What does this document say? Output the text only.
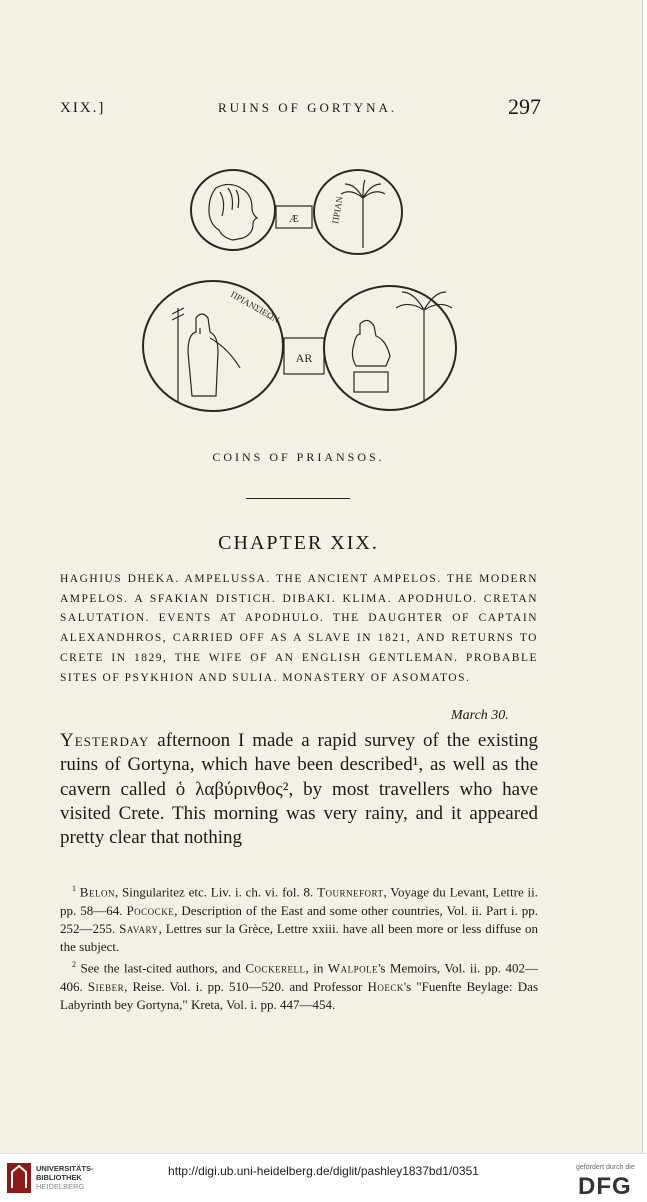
XIX.]	RUINS OF GORTYNA.	297
Æ
AR
ΠΡΙΑΝ
ΠΡΙΑΝΣΙΕΩΝ
COINS OF PRIANSOS.
CHAPTER XIX.
HAGHIUS DHEKA. AMPELUSSA. THE ANCIENT AMPELOS. THE MODERN AMPELOS. A SFAKIAN DISTICH. DIBAKI. KLIMA. APODHULO. CRETAN SALUTATION. EVENTS AT APODHULO. THE DAUGHTER OF CAPTAIN ALEXANDHROS, CARRIED OFF AS A SLAVE IN 1821, AND RETURNS TO CRETE IN 1829, THE WIFE OF AN ENGLISH GENTLEMAN. PROBABLE SITES OF PSYKHION AND SULIA. MONASTERY OF ASOMATOS.
March 30.
Yesterday afternoon I made a rapid survey of the existing ruins of Gortyna, which have been described¹, as well as the cavern called ὁ λαβύρινθος², by most travellers who have visited Crete. This morning was very rainy, and it appeared pretty clear that nothing

$^1$ Belon, Singularitez etc. Liv. i. ch. vi. fol. 8. Tournefort, Voyage du Levant, Lettre ii. pp. 58—64. Pococke, Description of the East and some other countries, Vol. ii. Part i. pp. 252—255. Savary, Lettres sur la Grèce, Lettre xxiii. have all been more or less diffuse on the subject.

$^2$ See the last-cited authors, and Cockerell, in Walpole's Memoirs, Vol. ii. pp. 402—406. Sieber, Reise. Vol. i. pp. 510—520. and Professor Hoeck's "Fuenfte Beylage: Das Labyrinth bey Gortyna," Kreta, Vol. i. pp. 447—454.

UNIVERSITÄTS-
BIBLIOTHEK
HEIDELBERG
http://digi.ub.uni-heidelberg.de/diglit/pashley1837bd1/0351	gefördert durch die
DFG
